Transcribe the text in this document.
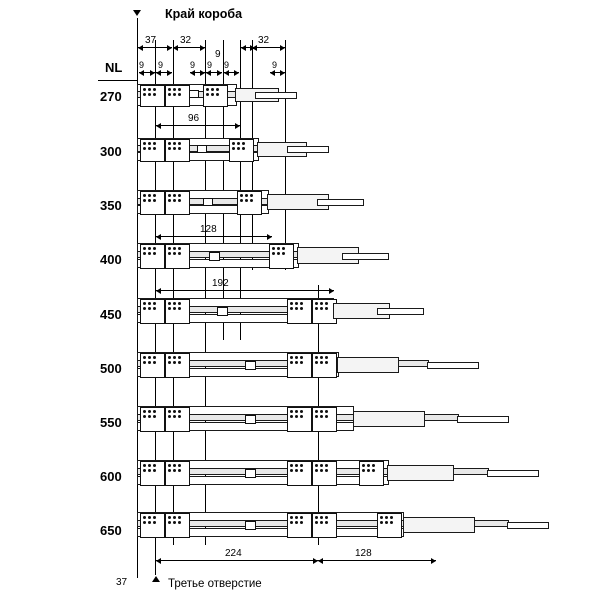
Край короба
NL
37 32
9
32
9 9	9 9 9	9
270
96
300
350
128
400
192
450
500
550
600
650
224	128
37	Третье отверстие
